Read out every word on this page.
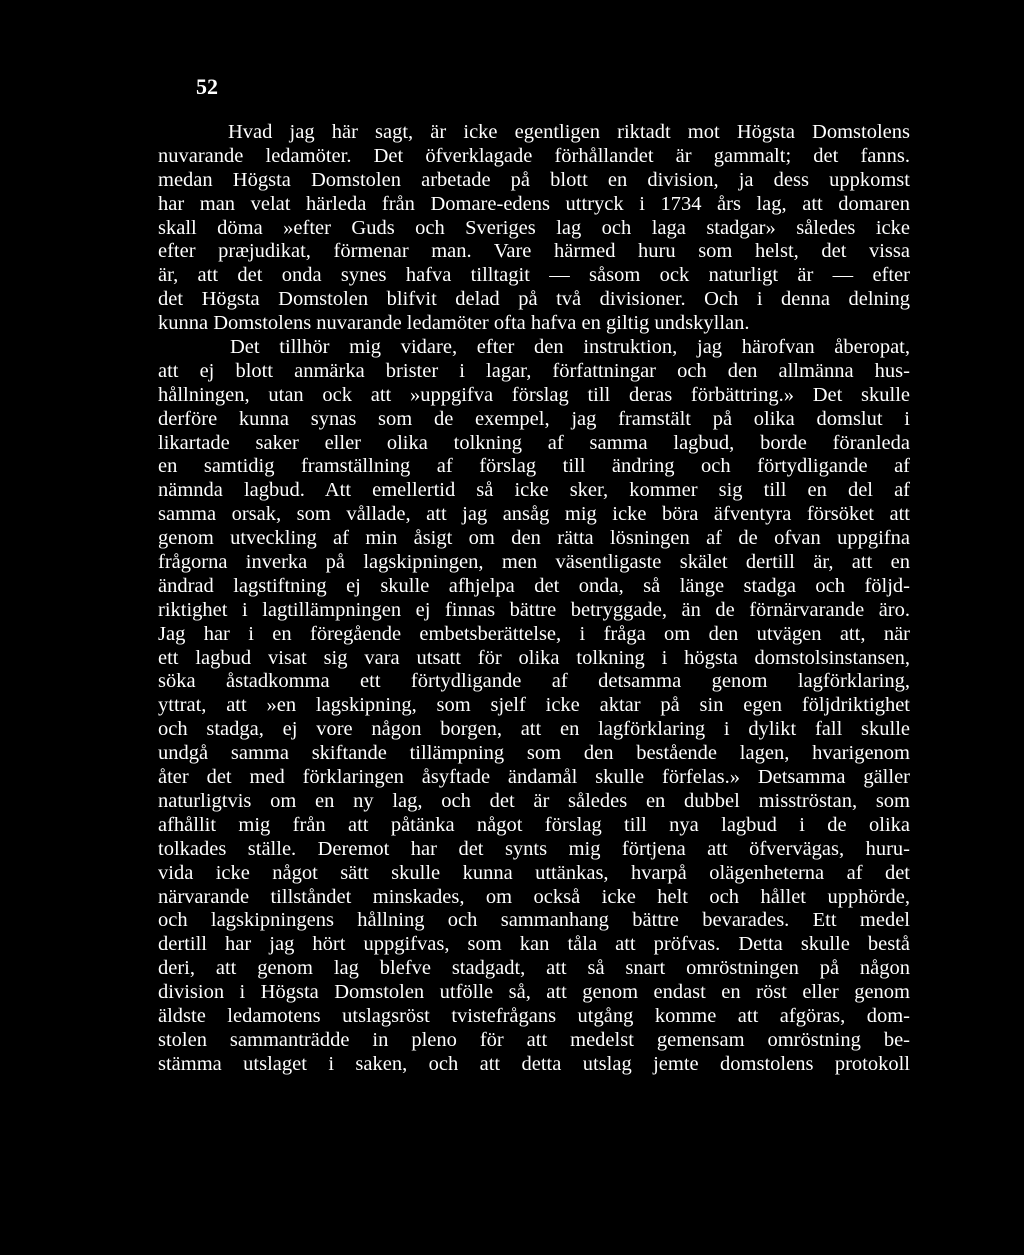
52
Hvad jag här sagt, är icke egentligen riktadt mot Högsta Domstolens
nuvarande ledamöter. Det öfverklagade förhållandet är gammalt; det fanns.
medan Högsta Domstolen arbetade på blott en division, ja dess uppkomst
har man velat härleda från Domare-edens uttryck i 1734 års lag, att domaren
skall döma »efter Guds och Sveriges lag och laga stadgar» således icke
efter præjudikat, förmenar man. Vare härmed huru som helst, det vissa
är, att det onda synes hafva tilltagit — såsom ock naturligt är — efter
det Högsta Domstolen blifvit delad på två divisioner. Och i denna delning
kunna Domstolens nuvarande ledamöter ofta hafva en giltig undskyllan.
Det tillhör mig vidare, efter den instruktion, jag härofvan åberopat,
att ej blott anmärka brister i lagar, författningar och den allmänna hus-
hållningen, utan ock att »uppgifva förslag till deras förbättring.» Det skulle
derföre kunna synas som de exempel, jag framstält på olika domslut i
likartade saker eller olika tolkning af samma lagbud, borde föranleda
en samtidig framställning af förslag till ändring och förtydligande af
nämnda lagbud. Att emellertid så icke sker, kommer sig till en del af
samma orsak, som vållade, att jag ansåg mig icke böra äfventyra försöket att
genom utveckling af min åsigt om den rätta lösningen af de ofvan uppgifna
frågorna inverka på lagskipningen, men väsentligaste skälet dertill är, att en
ändrad lagstiftning ej skulle afhjelpa det onda, så länge stadga och följd-
riktighet i lagtillämpningen ej finnas bättre betryggade, än de förnärvarande äro.
Jag har i en föregående embetsberättelse, i fråga om den utvägen att, när
ett lagbud visat sig vara utsatt för olika tolkning i högsta domstolsinstansen,
söka åstadkomma ett förtydligande af detsamma genom lagförklaring,
yttrat, att »en lagskipning, som sjelf icke aktar på sin egen följdriktighet
och stadga, ej vore någon borgen, att en lagförklaring i dylikt fall skulle
undgå samma skiftande tillämpning som den bestående lagen, hvarigenom
åter det med förklaringen åsyftade ändamål skulle förfelas.» Detsamma gäller
naturligtvis om en ny lag, och det är således en dubbel misströstan, som
afhållit mig från att påtänka något förslag till nya lagbud i de olika
tolkades ställe. Deremot har det synts mig förtjena att öfvervägas, huru-
vida icke något sätt skulle kunna uttänkas, hvarpå olägenheterna af det
närvarande tillståndet minskades, om också icke helt och hållet upphörde,
och lagskipningens hållning och sammanhang bättre bevarades. Ett medel
dertill har jag hört uppgifvas, som kan tåla att pröfvas. Detta skulle bestå
deri, att genom lag blefve stadgadt, att så snart omröstningen på någon
division i Högsta Domstolen utfölle så, att genom endast en röst eller genom
äldste ledamotens utslagsröst tvistefrågans utgång komme att afgöras, dom-
stolen sammanträdde in pleno för att medelst gemensam omröstning be-
stämma utslaget i saken, och att detta utslag jemte domstolens protokoll
